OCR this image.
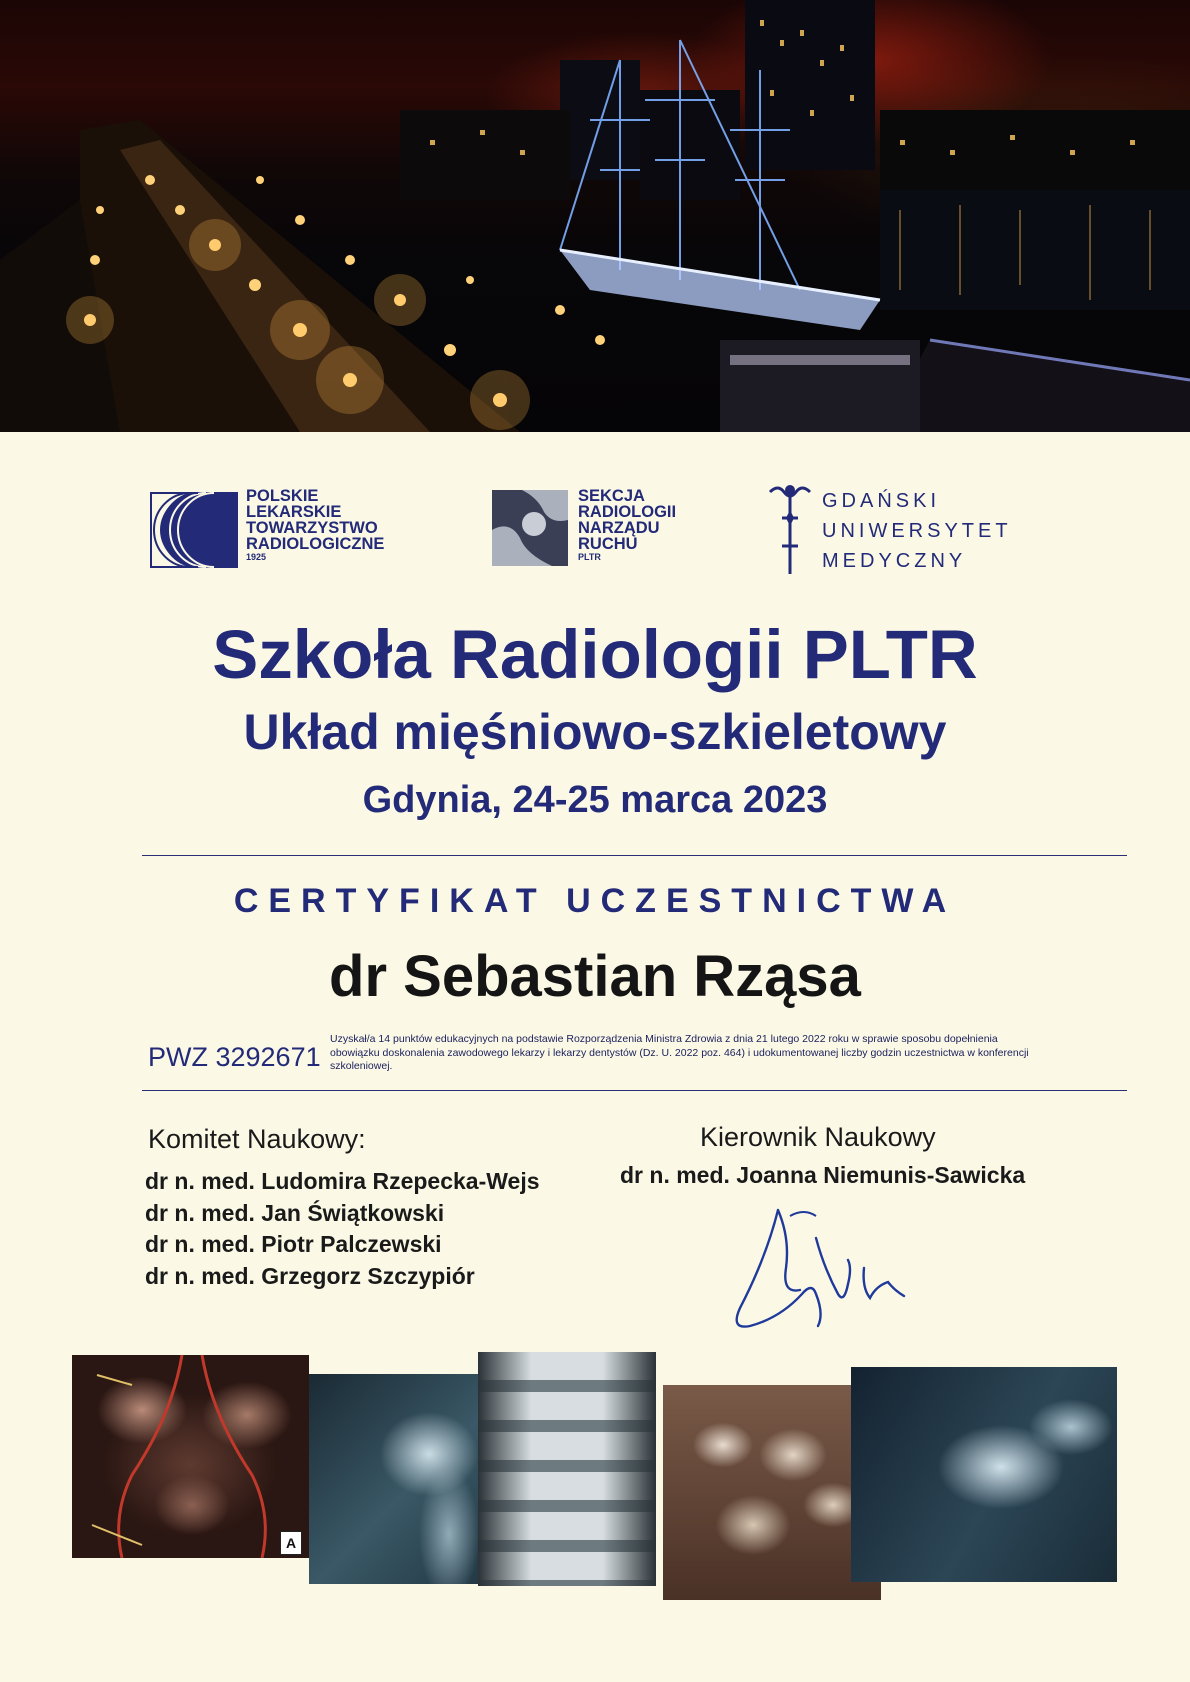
POLSKIE
LEKARSKIE
TOWARZYSTWO
RADIOLOGICZNE
1925
SEKCJA
RADIOLOGII
NARZĄDU
RUCHU
PLTR
GDAŃSKI
UNIWERSYTET
MEDYCZNY
Szkoła Radiologii PLTR
Układ mięśniowo-szkieletowy
Gdynia, 24-25 marca 2023
CERTYFIKAT UCZESTNICTWA
dr Sebastian Rząsa
PWZ 3292671
Uzyskał/a 14 punktów edukacyjnych na podstawie Rozporządzenia Ministra Zdrowia z dnia 21 lutego 2022 roku w sprawie sposobu dopełnienia obowiązku doskonalenia zawodowego lekarzy i lekarzy dentystów (Dz. U. 2022 poz. 464) i udokumentowanej liczby godzin uczestnictwa w konferencji szkoleniowej.
Komitet Naukowy:
dr n. med. Ludomira Rzepecka-Wejs
dr n. med. Jan Świątkowski
dr n. med. Piotr Palczewski
dr n. med. Grzegorz Szczypiór
Kierownik Naukowy
dr n. med. Joanna Niemunis-Sawicka
A
